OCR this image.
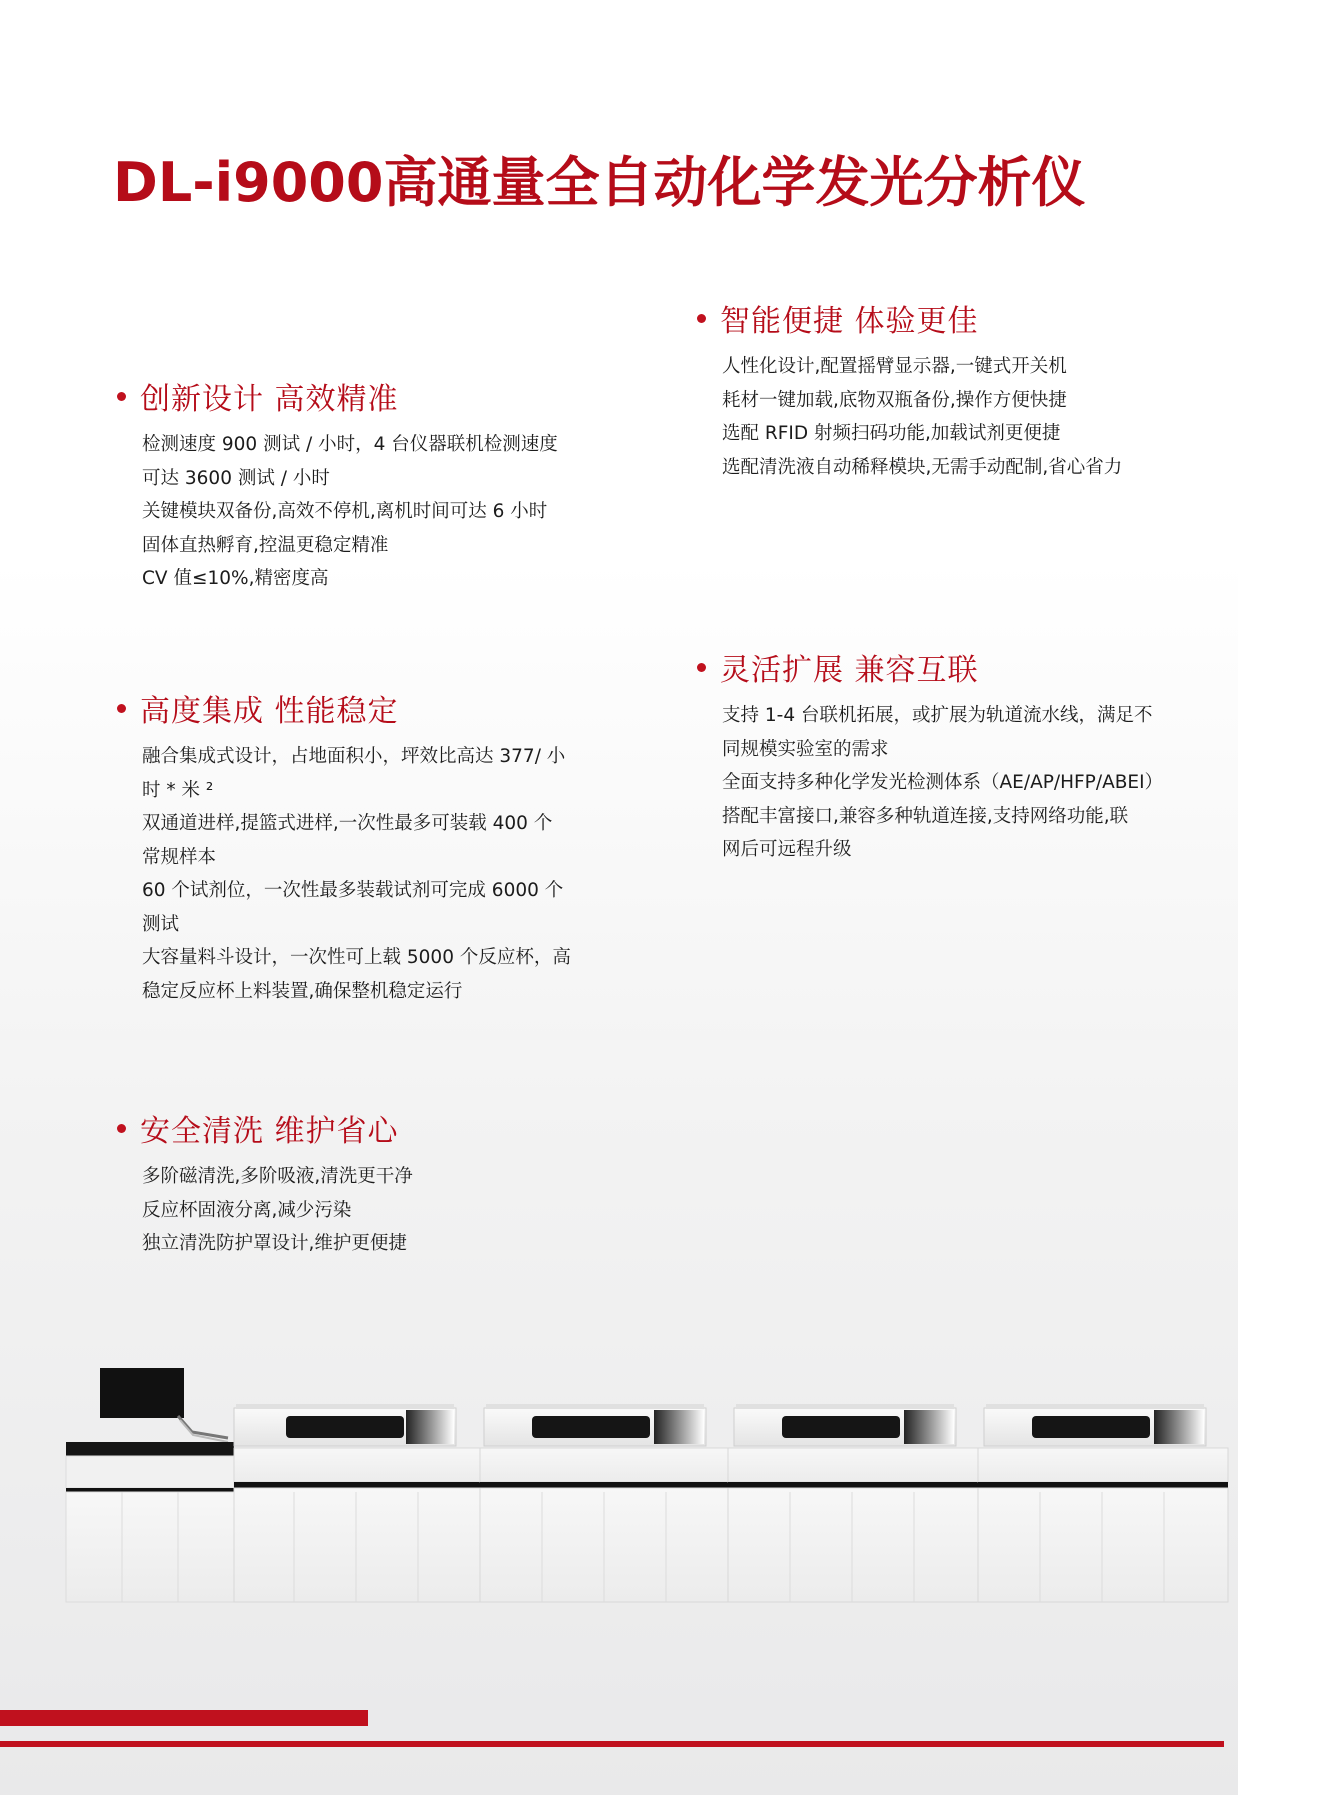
DL-i9000高通量全自动化学发光分析仪
创新设计 高效精准
检测速度 900 测试 / 小时，4 台仪器联机检测速度
可达 3600 测试 / 小时
关键模块双备份,高效不停机,离机时间可达 6 小时
固体直热孵育,控温更稳定精准
CV 值≤10%,精密度高
高度集成 性能稳定
融合集成式设计，占地面积小，坪效比高达 377/ 小
时 * 米 ²
双通道进样,提篮式进样,一次性最多可装载 400 个
常规样本
60 个试剂位，一次性最多装载试剂可完成 6000 个
测试
大容量料斗设计，一次性可上载 5000 个反应杯，高
稳定反应杯上料装置,确保整机稳定运行
安全清洗 维护省心
多阶磁清洗,多阶吸液,清洗更干净
反应杯固液分离,减少污染
独立清洗防护罩设计,维护更便捷
智能便捷 体验更佳
人性化设计,配置摇臂显示器,一键式开关机
耗材一键加载,底物双瓶备份,操作方便快捷
选配 RFID 射频扫码功能,加载试剂更便捷
选配清洗液自动稀释模块,无需手动配制,省心省力
灵活扩展 兼容互联
支持 1-4 台联机拓展，或扩展为轨道流水线，满足不
同规模实验室的需求
全面支持多种化学发光检测体系（AE/AP/HFP/ABEI）
搭配丰富接口,兼容多种轨道连接,支持网络功能,联
网后可远程升级
